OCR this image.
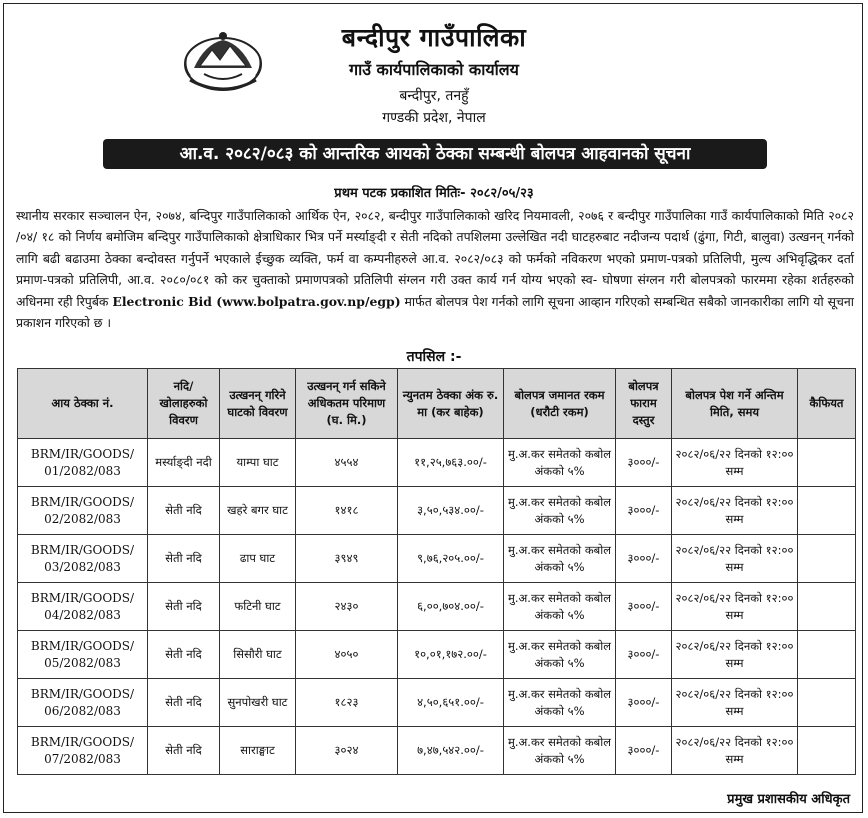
बन्दीपुर गाउँपालिका
गाउँ कार्यपालिकाको कार्यालय
बन्दीपुर, तनहुँ
गण्डकी प्रदेश, नेपाल
आ.व. २०८२/०८३ को आन्तरिक आयको ठेक्का सम्बन्धी बोलपत्र आहवानको सूचना
प्रथम पटक प्रकाशित मितिः- २०८२/०५/२३
स्थानीय सरकार सञ्चालन ऐन, २०७४, बन्दिपुर गाउँपालिकाको आर्थिक ऐन, २०८२, बन्दीपुर गाउँपालिकाको खरिद नियमावली, २०७६ र बन्दीपुर गाउँपालिका गाउँ कार्यपालिकाको मिति २०८२ /०४/ १८ को निर्णय बमोजिम बन्दिपुर गाउँपालिकाको क्षेत्राधिकार भित्र पर्ने मर्स्याङ्दी र सेती नदिको तपशिलमा उल्लेखित नदी घाटहरुबाट नदीजन्य पदार्थ (ढुंगा, गिटी, बालुवा) उत्खनन् गर्नको लागि बढी बढाउमा ठेक्का बन्दोवस्त गर्नुपर्ने भएकाले ईच्छुक व्यक्ति, फर्म वा कम्पनीहरुले आ.व. २०८२/०८३ को फर्मको नविकरण भएको प्रमाण-पत्रको प्रतिलिपी, मुल्य अभिवृद्धिकर दर्ता प्रमाण-पत्रको प्रतिलिपी, आ.व. २०८०/०८१ को कर चुक्ताको प्रमाणपत्रको प्रतिलिपी संग्लन गरी उक्त कार्य गर्न योग्य भएको स्व- घोषणा संग्लन गरी बोलपत्रको फारममा रहेका शर्तहरुको अधिनमा रही रिपुर्बक Electronic Bid (www.bolpatra.gov.np/egp) मार्फत बोलपत्र पेश गर्नको लागि सूचना आव्हान गरिएको सम्बन्धित सबैको जानकारीका लागि यो सूचना प्रकाशन गरिएको छ ।
तपसिल :-
आय ठेक्का नं.	नदि/ खोलाहरुको विवरण	उत्खनन् गरिने घाटको विवरण	उत्खनन् गर्न सकिने अधिकतम परिमाण (घ. मि.)	न्युनतम ठेक्का अंक रु. मा (कर बाहेक)	बोलपत्र जमानत रकम (धरौटी रकम)	बोलपत्र फाराम दस्तुर	बोलपत्र पेश गर्ने अन्तिम मिति, समय	कैफियत
BRM/IR/GOODS/ 01/2082/083	मर्स्याङ्दी नदी	याम्पा घाट	४५५४	११,२५,७६३.००/-	मु.अ.कर समेतको कबोल अंकको ५%	३०००/-	२०८२/०६/२२ दिनको १२:०० सम्म	
BRM/IR/GOODS/ 02/2082/083	सेती नदि	खहरे बगर घाट	१४१८	३,५०,५३४.००/-	मु.अ.कर समेतको कबोल अंकको ५%	३०००/-	२०८२/०६/२२ दिनको १२:०० सम्म	
BRM/IR/GOODS/ 03/2082/083	सेती नदि	ढाप घाट	३९४९	९,७६,२०५.००/-	मु.अ.कर समेतको कबोल अंकको ५%	३०००/-	२०८२/०६/२२ दिनको १२:०० सम्म	
BRM/IR/GOODS/ 04/2082/083	सेती नदि	फटिनी घाट	२४३०	६,००,७०४.००/-	मु.अ.कर समेतको कबोल अंकको ५%	३०००/-	२०८२/०६/२२ दिनको १२:०० सम्म	
BRM/IR/GOODS/ 05/2082/083	सेती नदि	सिसौरी घाट	४०५०	१०,०१,१७२.००/-	मु.अ.कर समेतको कबोल अंकको ५%	३०००/-	२०८२/०६/२२ दिनको १२:०० सम्म	
BRM/IR/GOODS/ 06/2082/083	सेती नदि	सुनपोखरी घाट	१८२३	४,५०,६५१.००/-	मु.अ.कर समेतको कबोल अंकको ५%	३०००/-	२०८२/०६/२२ दिनको १२:०० सम्म	
BRM/IR/GOODS/ 07/2082/083	सेती नदि	साराङ्घाट	३०२४	७,४७,५४२.००/-	मु.अ.कर समेतको कबोल अंकको ५%	३०००/-	२०८२/०६/२२ दिनको १२:०० सम्म	
प्रमुख प्रशासकीय अधिकृत
